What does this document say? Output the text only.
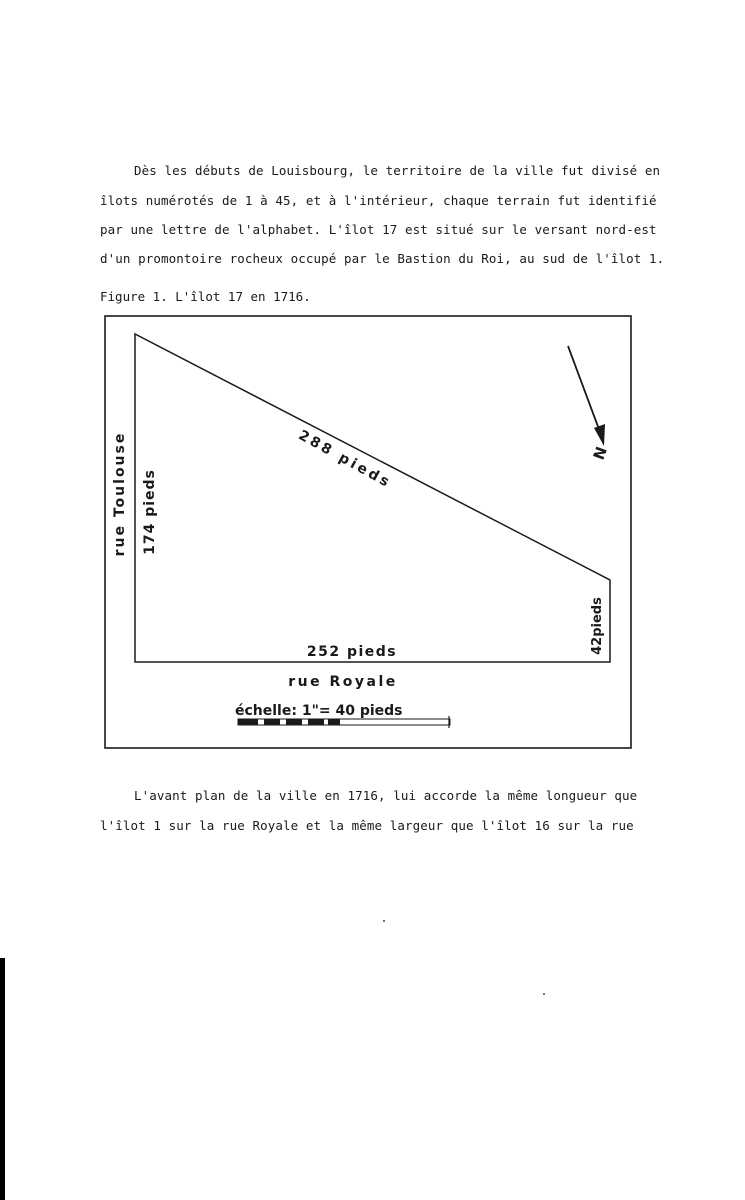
Dès les débuts de Louisbourg, le territoire de la ville fut divisé en
îlots numérotés de 1 à 45, et à l'intérieur, chaque terrain fut identifié
par une lettre de l'alphabet. L'îlot 17 est situé sur le versant nord-est
d'un promontoire rocheux occupé par le Bastion du Roi, au sud de l'îlot 1.
Figure 1. L'îlot 17 en 1716.
N
rue Toulouse 174 pieds
288 pieds
42pieds
252 pieds
rue Royale
échelle: 1"= 40 pieds
L'avant plan de la ville en 1716, lui accorde la même longueur que
l'îlot 1 sur la rue Royale et la même largeur que l'îlot 16 sur la rue
